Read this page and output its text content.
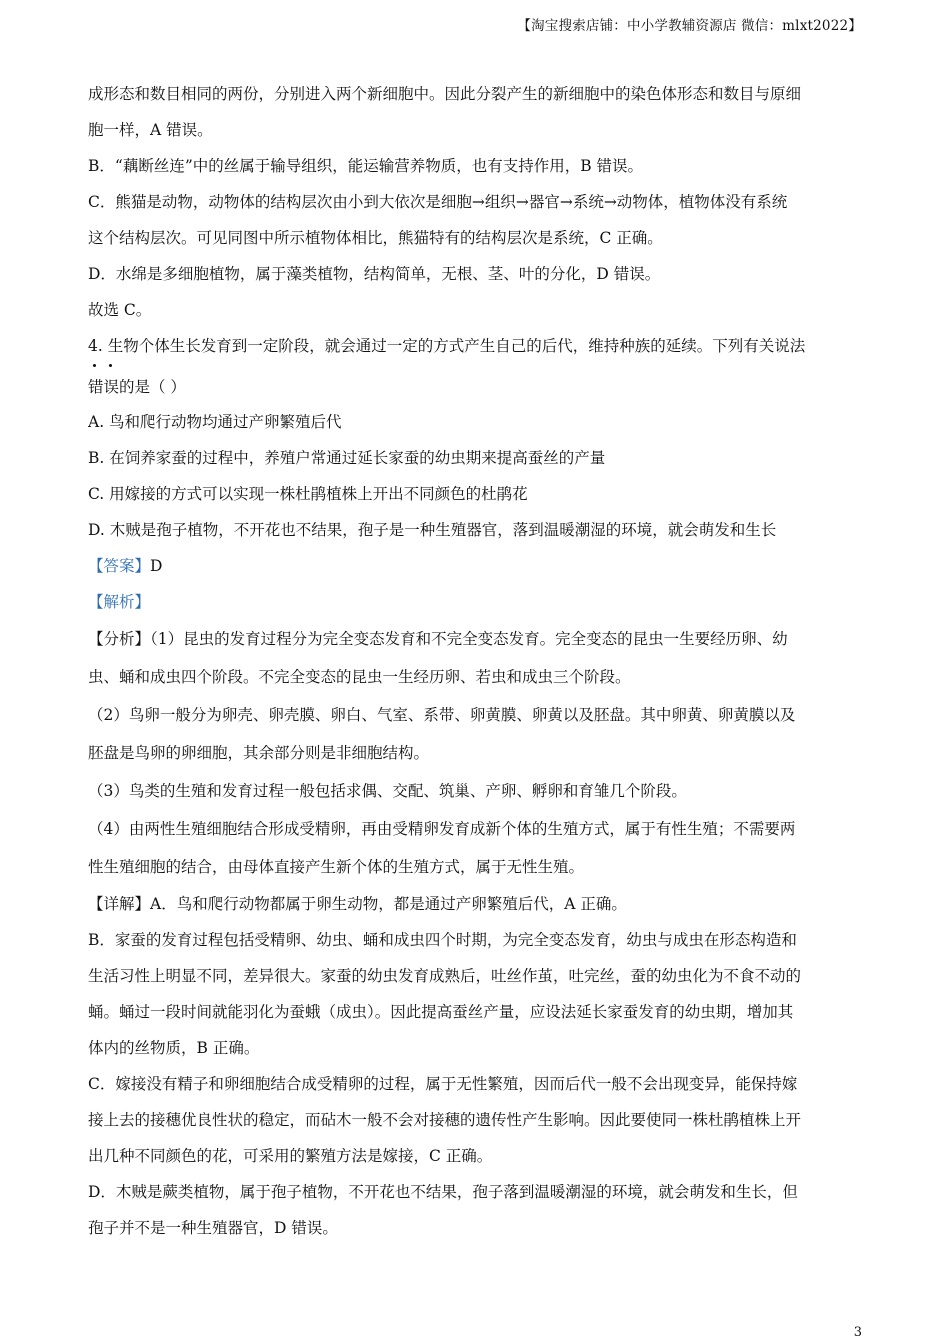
【淘宝搜索店铺：中小学教辅资源店 微信：mlxt2022】
成形态和数目相同的两份，分别进入两个新细胞中。因此分裂产生的新细胞中的染色体形态和数目与原细
胞一样，A 错误。
B．“藕断丝连”中的丝属于输导组织，能运输营养物质，也有支持作用，B 错误。
C．熊猫是动物，动物体的结构层次由小到大依次是细胞→组织→器官→系统→动物体，植物体没有系统
这个结构层次。可见同图中所示植物体相比，熊猫特有的结构层次是系统，C 正确。
D．水绵是多细胞植物，属于藻类植物，结构简单，无根、茎、叶的分化，D 错误。
故选 C。
4. 生物个体生长发育到一定阶段，就会通过一定的方式产生自己的后代，维持种族的延续。下列有关说法
错误的是（ ）
A. 鸟和爬行动物均通过产卵繁殖后代
B. 在饲养家蚕的过程中，养殖户常通过延长家蚕的幼虫期来提高蚕丝的产量
C. 用嫁接的方式可以实现一株杜鹃植株上开出不同颜色的杜鹃花
D. 木贼是孢子植物，不开花也不结果，孢子是一种生殖器官，落到温暖潮湿的环境，就会萌发和生长
【答案】D
【解析】
【分析】（1）昆虫的发育过程分为完全变态发育和不完全变态发育。完全变态的昆虫一生要经历卵、幼
虫、蛹和成虫四个阶段。不完全变态的昆虫一生经历卵、若虫和成虫三个阶段。
（2）鸟卵一般分为卵壳、卵壳膜、卵白、气室、系带、卵黄膜、卵黄以及胚盘。其中卵黄、卵黄膜以及
胚盘是鸟卵的卵细胞，其余部分则是非细胞结构。
（3）鸟类的生殖和发育过程一般包括求偶、交配、筑巢、产卵、孵卵和育雏几个阶段。
（4）由两性生殖细胞结合形成受精卵，再由受精卵发育成新个体的生殖方式，属于有性生殖；不需要两
性生殖细胞的结合，由母体直接产生新个体的生殖方式，属于无性生殖。
【详解】A．鸟和爬行动物都属于卵生动物，都是通过产卵繁殖后代，A 正确。
B．家蚕的发育过程包括受精卵、幼虫、蛹和成虫四个时期，为完全变态发育，幼虫与成虫在形态构造和
生活习性上明显不同，差异很大。家蚕的幼虫发育成熟后，吐丝作茧，吐完丝，蚕的幼虫化为不食不动的
蛹。蛹过一段时间就能羽化为蚕蛾（成虫）。因此提高蚕丝产量，应设法延长家蚕发育的幼虫期，增加其
体内的丝物质，B 正确。
C．嫁接没有精子和卵细胞结合成受精卵的过程，属于无性繁殖，因而后代一般不会出现变异，能保持嫁
接上去的接穗优良性状的稳定，而砧木一般不会对接穗的遗传性产生影响。因此要使同一株杜鹃植株上开
出几种不同颜色的花，可采用的繁殖方法是嫁接，C 正确。
D．木贼是蕨类植物，属于孢子植物，不开花也不结果，孢子落到温暖潮湿的环境，就会萌发和生长，但
孢子并不是一种生殖器官，D 错误。
3
